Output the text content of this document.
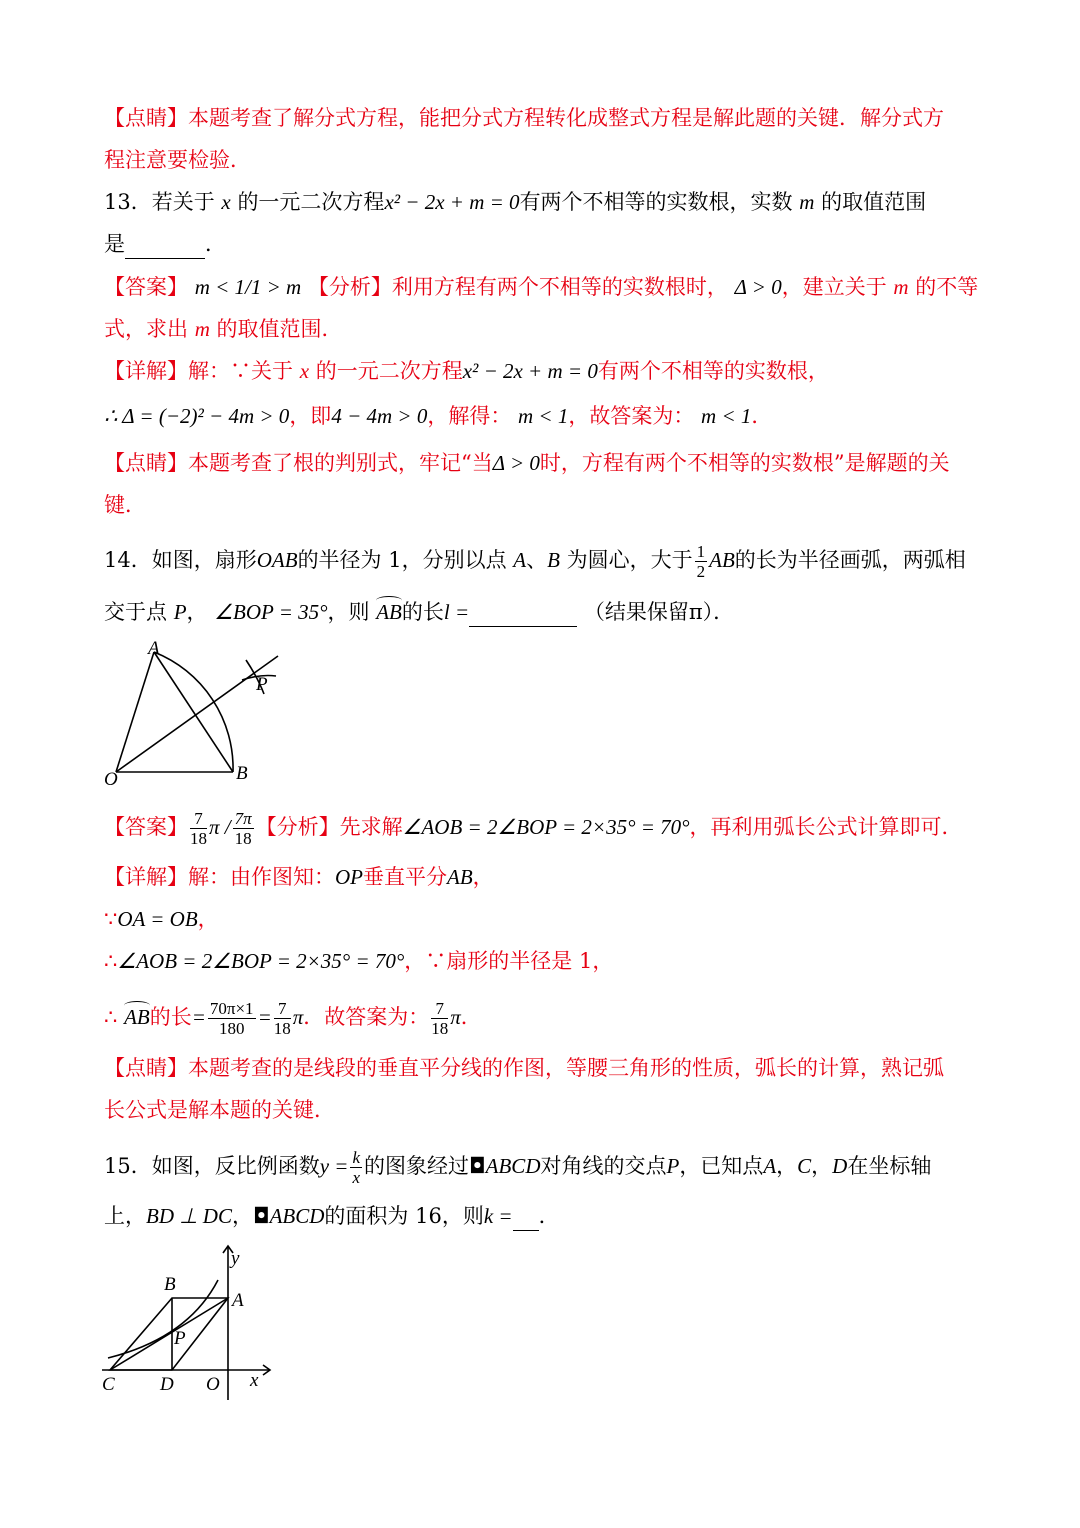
【点睛】本题考查了解分式方程，能把分式方程转化成整式方程是解此题的关键．解分式方
程注意要检验．
13．若关于 x 的一元二次方程x² − 2x + m = 0有两个不相等的实数根，实数 m 的取值范围
是	．
【答案】 m < 1/1 > m 【分析】利用方程有两个不相等的实数根时， Δ > 0，建立关于 m 的不等
式，求出 m 的取值范围．
【详解】解：∵关于 x 的一元二次方程x² − 2x + m = 0有两个不相等的实数根，
∴ Δ = (−2)² − 4m > 0，即4 − 4m > 0，解得： m < 1，故答案为： m < 1．
【点睛】本题考查了根的判别式，牢记“当Δ > 0时，方程有两个不相等的实数根”是解题的关
键．
14．如图，扇形OAB的半径为 1，分别以点 A、B 为圆心，大于 $\frac{1}{2}$ AB的长为半径画弧，两弧相
交于点 P， ∠BOP = 35°，则 AB的长l =	（结果保留π）．
A
B
O
P
【答案】 $\frac{7}{18}$ π / $\frac{7\pi}{18}$ 【分析】先求解∠AOB = 2∠BOP = 2×35° = 70°，再利用弧长公式计算即可．
【详解】解：由作图知：OP垂直平分AB，
∵OA = OB，
∴∠AOB = 2∠BOP = 2×35° = 70°，∵扇形的半径是 1，
∴ AB的长= $\frac{70\pi\times 1}{180} = \frac{7}{18}$ π．故答案为： $\frac{7}{18}$ π．
【点睛】本题考查的是线段的垂直平分线的作图，等腰三角形的性质，弧长的计算，熟记弧
长公式是解本题的关键．
15．如图，反比例函数$y = \frac{k}{x}$ 的图象经过◘ABCD对角线的交点P，已知点A，C，D在坐标轴
上，BD ⊥ DC，◘ABCD的面积为 16，则k = ．
B
A
C D O
P
y
x
